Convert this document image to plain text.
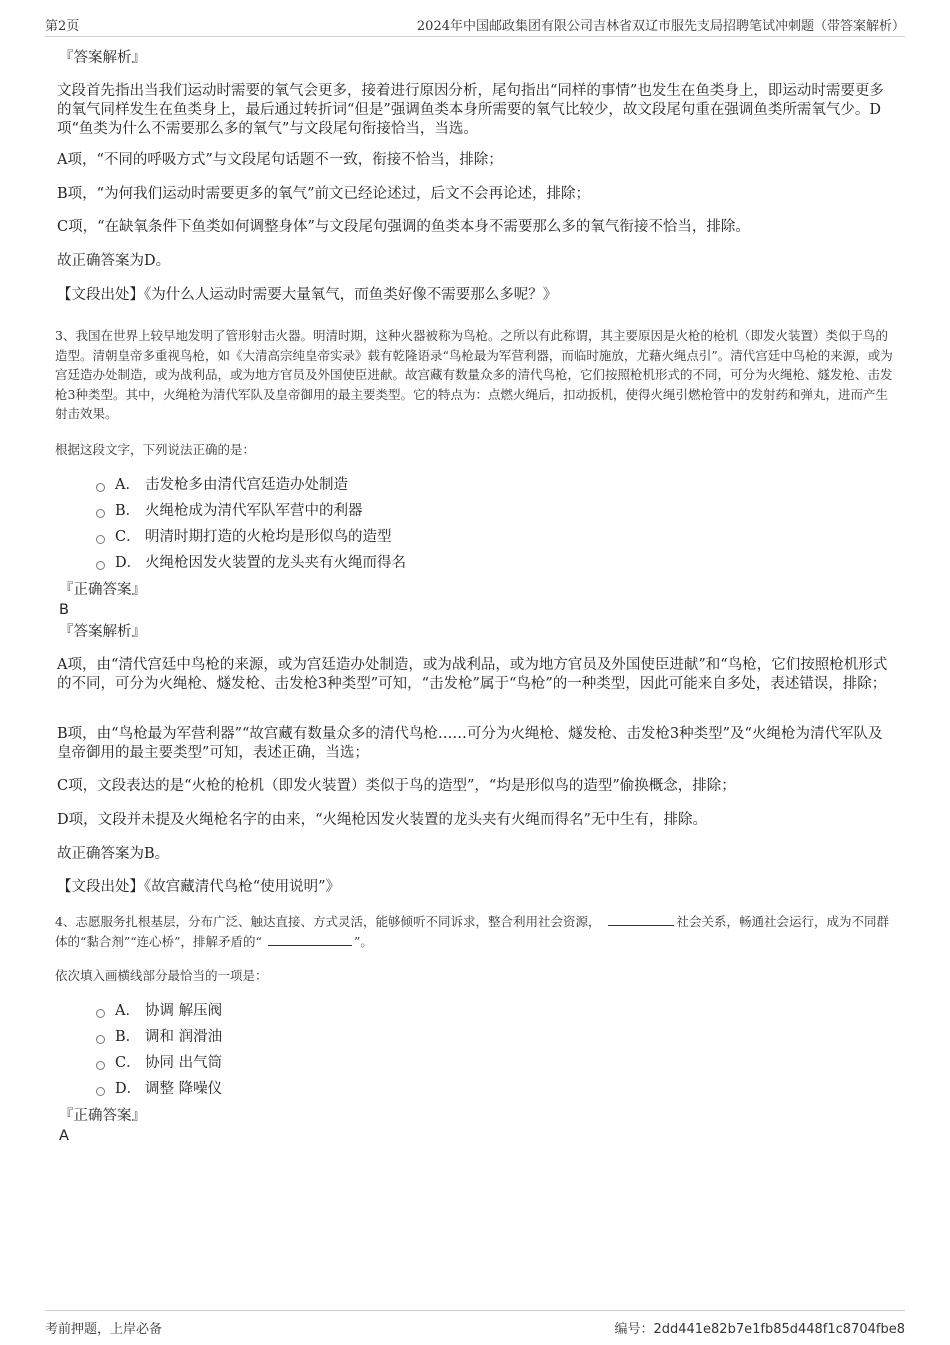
第2页	2024年中国邮政集团有限公司吉林省双辽市服先支局招聘笔试冲刺题（带答案解析）
『答案解析』
文段首先指出当我们运动时需要的氧气会更多，接着进行原因分析，尾句指出“同样的事情”也发生在鱼类身上，即运动时需要更多的氧气同样发生在鱼类身上，最后通过转折词“但是”强调鱼类本身所需要的氧气比较少，故文段尾句重在强调鱼类所需氧气少。D项“鱼类为什么不需要那么多的氧气”与文段尾句衔接恰当，当选。
A项，“不同的呼吸方式”与文段尾句话题不一致，衔接不恰当，排除；
B项，“为何我们运动时需要更多的氧气”前文已经论述过，后文不会再论述，排除；
C项，“在缺氧条件下鱼类如何调整身体”与文段尾句强调的鱼类本身不需要那么多的氧气衔接不恰当，排除。
故正确答案为D。
【文段出处】《为什么人运动时需要大量氧气，而鱼类好像不需要那么多呢？》
3、我国在世界上较早地发明了管形射击火器。明清时期，这种火器被称为鸟枪。之所以有此称谓，其主要原因是火枪的枪机（即发火装置）类似于鸟的造型。清朝皇帝多重视鸟枪，如《大清高宗纯皇帝实录》载有乾隆语录“鸟枪最为军营利器，而临时施放，尤藉火绳点引”。清代宫廷中鸟枪的来源，或为宫廷造办处制造，或为战利品，或为地方官员及外国使臣进献。故宫藏有数量众多的清代鸟枪，它们按照枪机形式的不同，可分为火绳枪、燧发枪、击发枪3种类型。其中，火绳枪为清代军队及皇帝御用的最主要类型。它的特点为：点燃火绳后，扣动扳机，使得火绳引燃枪管中的发射药和弹丸，进而产生射击效果。
根据这段文字，下列说法正确的是：
A． 击发枪多由清代宫廷造办处制造
B． 火绳枪成为清代军队军营中的利器
C． 明清时期打造的火枪均是形似鸟的造型
D． 火绳枪因发火装置的龙头夹有火绳而得名
『正确答案』
B
『答案解析』
A项，由“清代宫廷中鸟枪的来源，或为宫廷造办处制造，或为战利品，或为地方官员及外国使臣进献”和“鸟枪，它们按照枪机形式的不同，可分为火绳枪、燧发枪、击发枪3种类型”可知，“击发枪”属于“鸟枪”的一种类型，因此可能来自多处，表述错误，排除；
B项，由“鸟枪最为军营利器”“故宫藏有数量众多的清代鸟枪……可分为火绳枪、燧发枪、击发枪3种类型”及“火绳枪为清代军队及皇帝御用的最主要类型”可知，表述正确，当选；
C项，文段表达的是“火枪的枪机（即发火装置）类似于鸟的造型”，“均是形似鸟的造型”偷换概念，排除；
D项，文段并未提及火绳枪名字的由来，“火绳枪因发火装置的龙头夹有火绳而得名”无中生有，排除。
故正确答案为B。
【文段出处】《故宫藏清代鸟枪“使用说明”》
4、志愿服务扎根基层，分布广泛、触达直接、方式灵活，能够倾听不同诉求，整合利用社会资源，	社会关系，畅通社会运行，成为不同群体的“黏合剂”“连心桥”，排解矛盾的“	”。
依次填入画横线部分最恰当的一项是：
A． 协调 解压阀
B． 调和 润滑油
C． 协同 出气筒
D． 调整 降噪仪
『正确答案』
A
考前押题，上岸必备	编号：2dd441e82b7e1fb85d448f1c8704fbe8
